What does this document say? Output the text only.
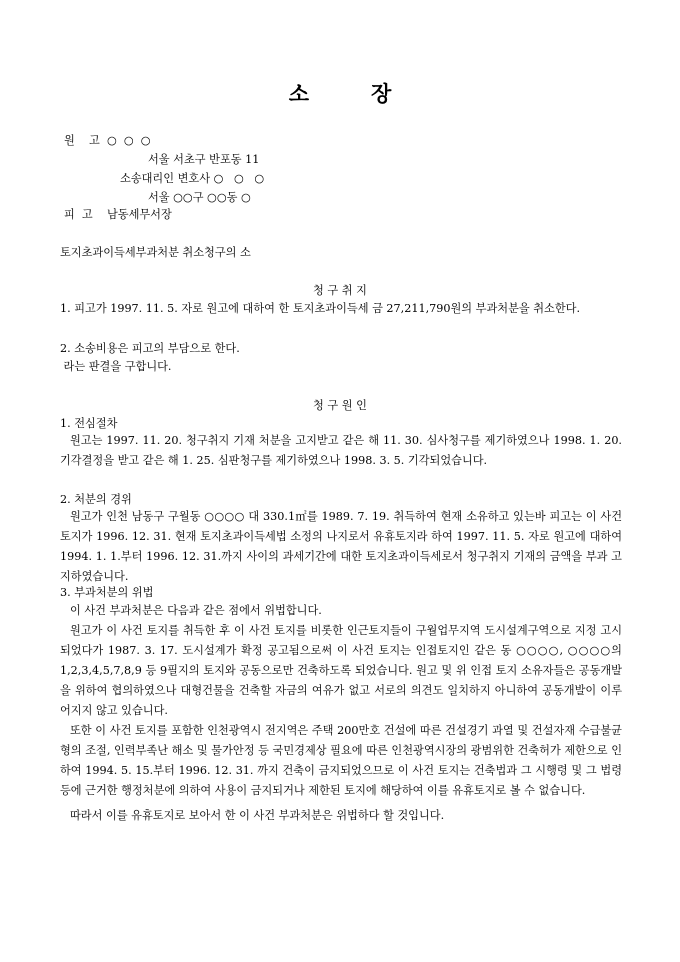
소	장
원    고  ○  ○  ○
서울 서초구 반포동 11
소송대리인 변호사 ○   ○   ○
서울 ○○구 ○○동 ○
피  고    남동세무서장
토지초과이득세부과처분 취소청구의 소
청 구 취 지
1. 피고가 1997. 11. 5. 자로 원고에 대하여 한 토지초과이득세 금 27,211,790원의 부과처분을 취소한다.
2. 소송비용은 피고의 부담으로 한다.
라는 판결을 구합니다.
청 구 원 인
1. 전심절차
원고는 1997. 11. 20. 청구취지 기재 처분을 고지받고 같은 해 11. 30. 심사청구를 제기하였으나 1998. 1. 20. 기각결정을 받고 같은 해 1. 25. 심판청구를 제기하였으나 1998. 3. 5. 기각되었습니다.
2. 처분의 경위
원고가 인천 남동구 구월동 ○○○○ 대 330.1㎡를 1989. 7. 19. 취득하여 현재 소유하고 있는바 피고는 이 사건 토지가 1996. 12. 31. 현재 토지초과이득세법 소정의 나지로서 유휴토지라 하여 1997. 11. 5. 자로 원고에 대하여 1994. 1. 1.부터 1996. 12. 31.까지 사이의 과세기간에 대한 토지초과이득세로서 청구취지 기재의 금액을 부과 고지하였습니다.
3. 부과처분의 위법
이 사건 부과처분은 다음과 같은 점에서 위법합니다.
원고가 이 사건 토지를 취득한 후 이 사건 토지를 비롯한 인근토지들이 구월업무지역 도시설계구역으로 지정 고시되었다가 1987. 3. 17. 도시설계가 확정 공고됨으로써 이 사건 토지는 인접토지인 같은 동 ○○○○, ○○○○의 1,2,3,4,5,7,8,9 등 9필지의 토지와 공동으로만 건축하도록 되었습니다. 원고 및 위 인접 토지 소유자들은 공동개발을 위하여 협의하였으나 대형건물을 건축할 자금의 여유가 없고 서로의 의견도 일치하지 아니하여 공동개발이 이루어지지 않고 있습니다.
또한 이 사건 토지를 포함한 인천광역시 전지역은 주택 200만호 건설에 따른 건설경기 과열 및 건설자재 수급불균형의 조절, 인력부족난 해소 및 물가안정 등 국민경제상 필요에 따른 인천광역시장의 광범위한 건축허가 제한으로 인하여 1994. 5. 15.부터 1996. 12. 31. 까지 건축이 금지되었으므로 이 사건 토지는 건축법과 그 시행령 및 그 법령 등에 근거한 행정처분에 의하여 사용이 금지되거나 제한된 토지에 해당하여 이를 유휴토지로 볼 수 없습니다.
따라서 이를 유휴토지로 보아서 한 이 사건 부과처분은 위법하다 할 것입니다.
